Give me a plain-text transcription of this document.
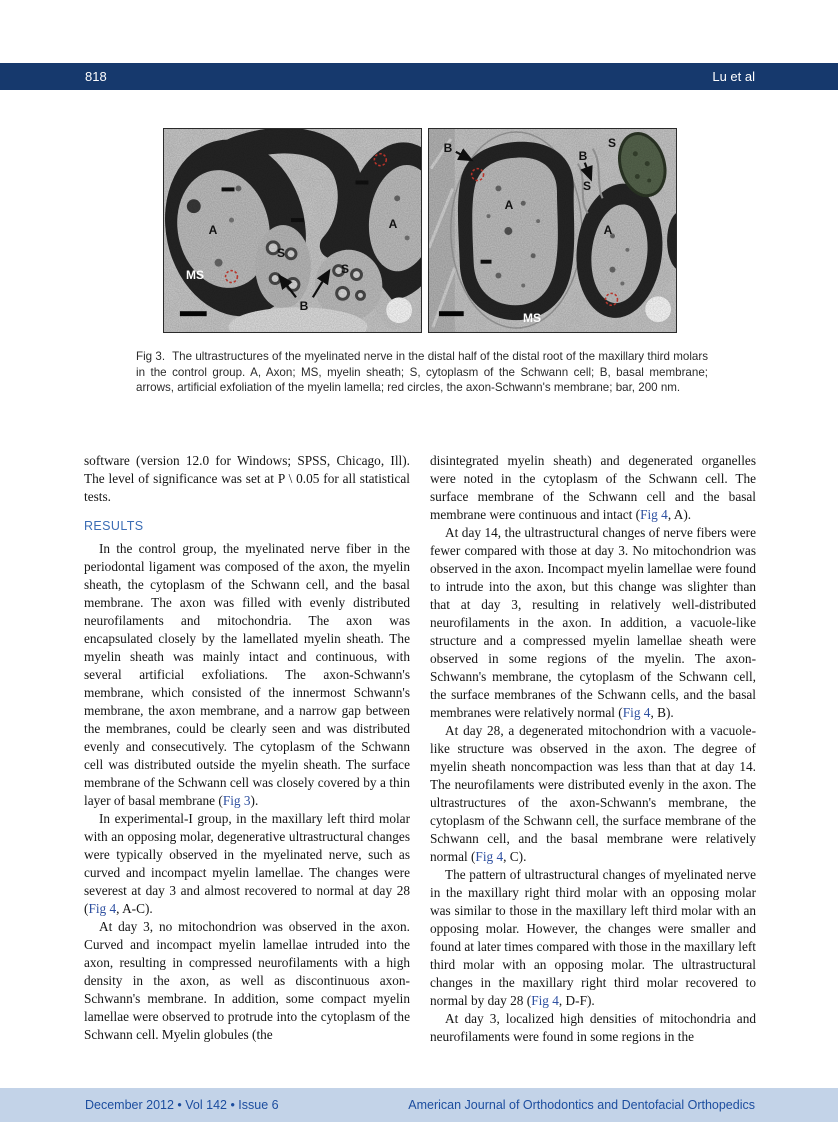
818	Lu et al
A	A
MS
S
S
B
B
A
B
S
S
A
MS

Fig 3. The ultrastructures of the myelinated nerve in the distal half of the distal root of the maxillary third molars in the control group. A, Axon; MS, myelin sheath; S, cytoplasm of the Schwann cell; B, basal membrane; arrows, artificial exfoliation of the myelin lamella; red circles, the axon-Schwann's membrane; bar, 200 nm.

software (version 12.0 for Windows; SPSS, Chicago, Ill). The level of significance was set at P \ 0.05 for all statistical tests.

RESULTS

In the control group, the myelinated nerve fiber in the periodontal ligament was composed of the axon, the myelin sheath, the cytoplasm of the Schwann cell, and the basal membrane. The axon was filled with evenly distributed neurofilaments and mitochondria. The axon was encapsulated closely by the lamellated myelin sheath. The myelin sheath was mainly intact and continuous, with several artificial exfoliations. The axon-Schwann's membrane, which consisted of the innermost Schwann's membrane, the axon membrane, and a narrow gap between the membranes, could be clearly seen and was distributed evenly and consecutively. The cytoplasm of the Schwann cell was distributed outside the myelin sheath. The surface membrane of the Schwann cell was closely covered by a thin layer of basal membrane (Fig 3).

In experimental-I group, in the maxillary left third molar with an opposing molar, degenerative ultrastructural changes were typically observed in the myelinated nerve, such as curved and incompact myelin lamellae. The changes were severest at day 3 and almost recovered to normal at day 28 (Fig 4, A-C).

At day 3, no mitochondrion was observed in the axon. Curved and incompact myelin lamellae intruded into the axon, resulting in compressed neurofilaments with a high density in the axon, as well as discontinuous axon-Schwann's membrane. In addition, some compact myelin lamellae were observed to protrude into the cytoplasm of the Schwann cell. Myelin globules (the

disintegrated myelin sheath) and degenerated organelles were noted in the cytoplasm of the Schwann cell. The surface membrane of the Schwann cell and the basal membrane were continuous and intact (Fig 4, A).

At day 14, the ultrastructural changes of nerve fibers were fewer compared with those at day 3. No mitochondrion was observed in the axon. Incompact myelin lamellae were found to intrude into the axon, but this change was slighter than that at day 3, resulting in relatively well-distributed neurofilaments in the axon. In addition, a vacuole-like structure and a compressed myelin lamellae sheath were observed in some regions of the myelin. The axon-Schwann's membrane, the cytoplasm of the Schwann cell, the surface membranes of the Schwann cells, and the basal membranes were relatively normal (Fig 4, B).

At day 28, a degenerated mitochondrion with a vacuole-like structure was observed in the axon. The degree of myelin sheath noncompaction was less than that at day 14. The neurofilaments were distributed evenly in the axon. The ultrastructures of the axon-Schwann's membrane, the cytoplasm of the Schwann cell, the surface membrane of the Schwann cell, and the basal membrane were relatively normal (Fig 4, C).

The pattern of ultrastructural changes of myelinated nerve in the maxillary right third molar with an opposing molar was similar to those in the maxillary left third molar with an opposing molar. However, the changes were smaller and found at later times compared with those in the maxillary left third molar with an opposing molar. The ultrastructural changes in the maxillary right third molar recovered to normal by day 28 (Fig 4, D-F).

At day 3, localized high densities of mitochondria and neurofilaments were found in some regions in the

December 2012 • Vol 142 • Issue 6	American Journal of Orthodontics and Dentofacial Orthopedics
